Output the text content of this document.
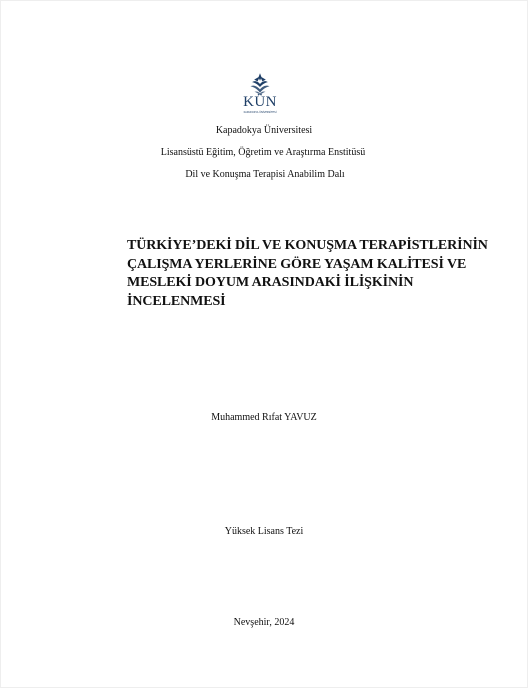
KÜN
KAPADOKYA ÜNİVERSİTESİ
Kapadokya Üniversitesi
Lisansüstü Eğitim, Öğretim ve Araştırma Enstitüsü
Dil ve Konuşma Terapisi Anabilim Dalı
TÜRKİYE’DEKİ DİL VE KONUŞMA TERAPİSTLERİNİN
ÇALIŞMA YERLERİNE GÖRE YAŞAM KALİTESİ VE
MESLEKİ DOYUM ARASINDAKİ İLİŞKİNİN
İNCELENMESİ
Muhammed Rıfat YAVUZ
Yüksek Lisans Tezi
Nevşehir, 2024
